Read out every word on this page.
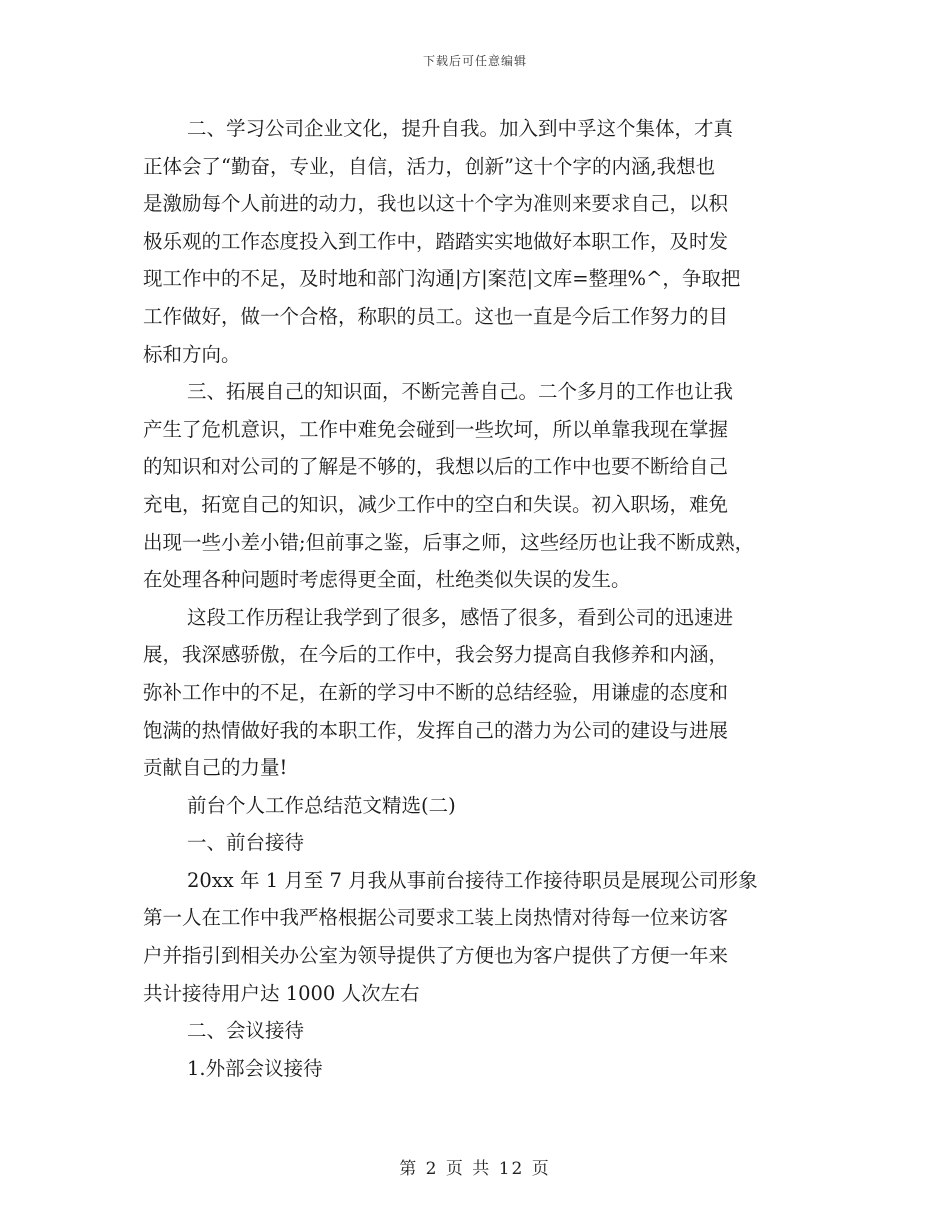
下载后可任意编辑
二、学习公司企业文化，提升自我。加入到中孚这个集体，才真
正体会了“勤奋，专业，自信，活力，创新”这十个字的内涵,我想也
是激励每个人前进的动力，我也以这十个字为准则来要求自己，以积
极乐观的工作态度投入到工作中，踏踏实实地做好本职工作，及时发
现工作中的不足，及时地和部门沟通|方|案范|文库=整理%^，争取把
工作做好，做一个合格，称职的员工。这也一直是今后工作努力的目
标和方向。
三、拓展自己的知识面，不断完善自己。二个多月的工作也让我
产生了危机意识，工作中难免会碰到一些坎坷，所以单靠我现在掌握
的知识和对公司的了解是不够的，我想以后的工作中也要不断给自己
充电，拓宽自己的知识，减少工作中的空白和失误。初入职场，难免
出现一些小差小错;但前事之鉴，后事之师，这些经历也让我不断成熟，
在处理各种问题时考虑得更全面，杜绝类似失误的发生。
这段工作历程让我学到了很多，感悟了很多，看到公司的迅速进
展，我深感骄傲，在今后的工作中，我会努力提高自我修养和内涵，
弥补工作中的不足，在新的学习中不断的总结经验，用谦虚的态度和
饱满的热情做好我的本职工作，发挥自己的潜力为公司的建设与进展
贡献自己的力量!
前台个人工作总结范文精选(二)
一、前台接待
20xx 年 1 月至 7 月我从事前台接待工作接待职员是展现公司形象
第一人在工作中我严格根据公司要求工装上岗热情对待每一位来访客
户并指引到相关办公室为领导提供了方便也为客户提供了方便一年来
共计接待用户达 1000 人次左右
二、会议接待
1.外部会议接待
第 2 页 共 12 页
